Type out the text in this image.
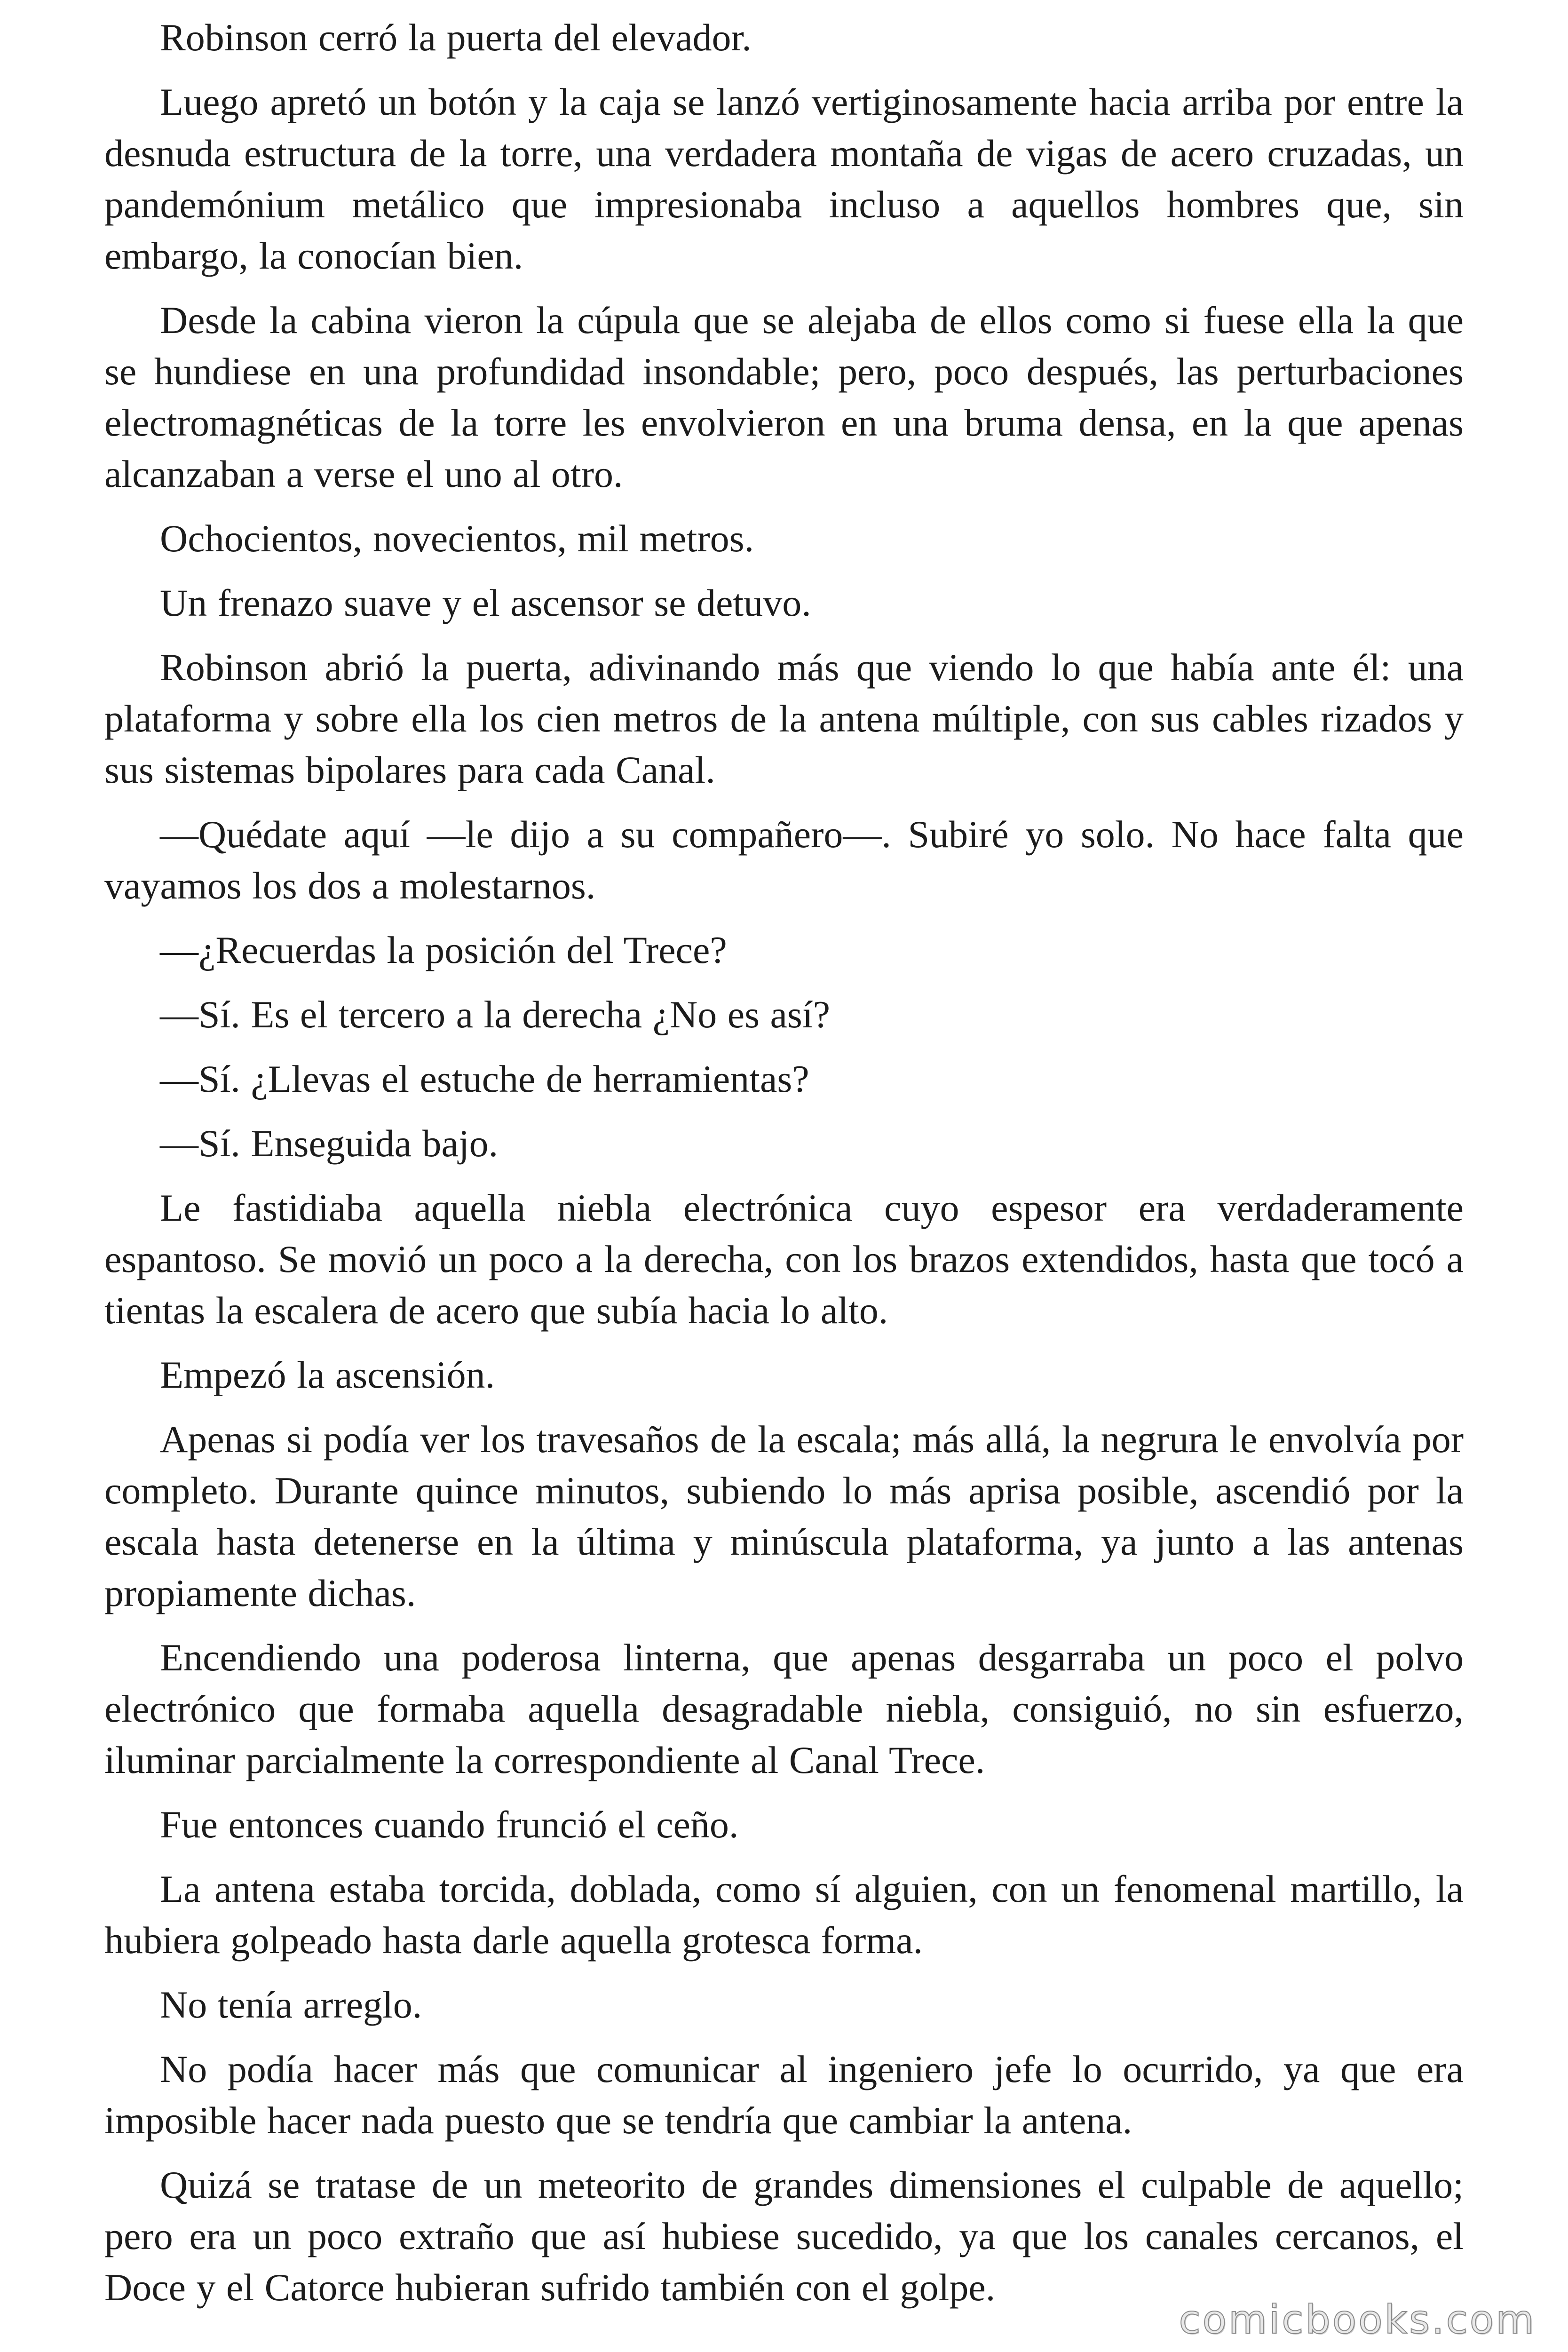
Robinson cerró la puerta del elevador.

Luego apretó un botón y la caja se lanzó vertiginosamente hacia arriba por entre la desnuda estructura de la torre, una verdadera montaña de vigas de acero cruzadas, un pandemónium metálico que impresionaba incluso a aquellos hombres que, sin embargo, la conocían bien.

Desde la cabina vieron la cúpula que se alejaba de ellos como si fuese ella la que se hundiese en una profundidad insondable; pero, poco después, las perturbaciones electromagnéticas de la torre les envolvieron en una bruma densa, en la que apenas alcanzaban a verse el uno al otro.

Ochocientos, novecientos, mil metros.

Un frenazo suave y el ascensor se detuvo.

Robinson abrió la puerta, adivinando más que viendo lo que había ante él: una plataforma y sobre ella los cien metros de la antena múltiple, con sus cables rizados y sus sistemas bipolares para cada Canal.

—Quédate aquí —le dijo a su compañero—. Subiré yo solo. No hace falta que vayamos los dos a molestarnos.

—¿Recuerdas la posición del Trece?

—Sí. Es el tercero a la derecha ¿No es así?

—Sí. ¿Llevas el estuche de herramientas?

—Sí. Enseguida bajo.

Le fastidiaba aquella niebla electrónica cuyo espesor era verdaderamente espantoso. Se movió un poco a la derecha, con los brazos extendidos, hasta que tocó a tientas la escalera de acero que subía hacia lo alto.

Empezó la ascensión.

Apenas si podía ver los travesaños de la escala; más allá, la negrura le envolvía por completo. Durante quince minutos, subiendo lo más aprisa posible, ascendió por la escala hasta detenerse en la última y minúscula plataforma, ya junto a las antenas propiamente dichas.

Encendiendo una poderosa linterna, que apenas desgarraba un poco el polvo electrónico que formaba aquella desagradable niebla, consiguió, no sin esfuerzo, iluminar parcialmente la correspondiente al Canal Trece.

Fue entonces cuando frunció el ceño.

La antena estaba torcida, doblada, como sí alguien, con un fenomenal martillo, la hubiera golpeado hasta darle aquella grotesca forma.

No tenía arreglo.

No podía hacer más que comunicar al ingeniero jefe lo ocurrido, ya que era imposible hacer nada puesto que se tendría que cambiar la antena.

Quizá se tratase de un meteorito de grandes dimensiones el culpable de aquello; pero era un poco extraño que así hubiese sucedido, ya que los canales cercanos, el Doce y el Catorce hubieran sufrido también con el golpe.

comicbooks.com
